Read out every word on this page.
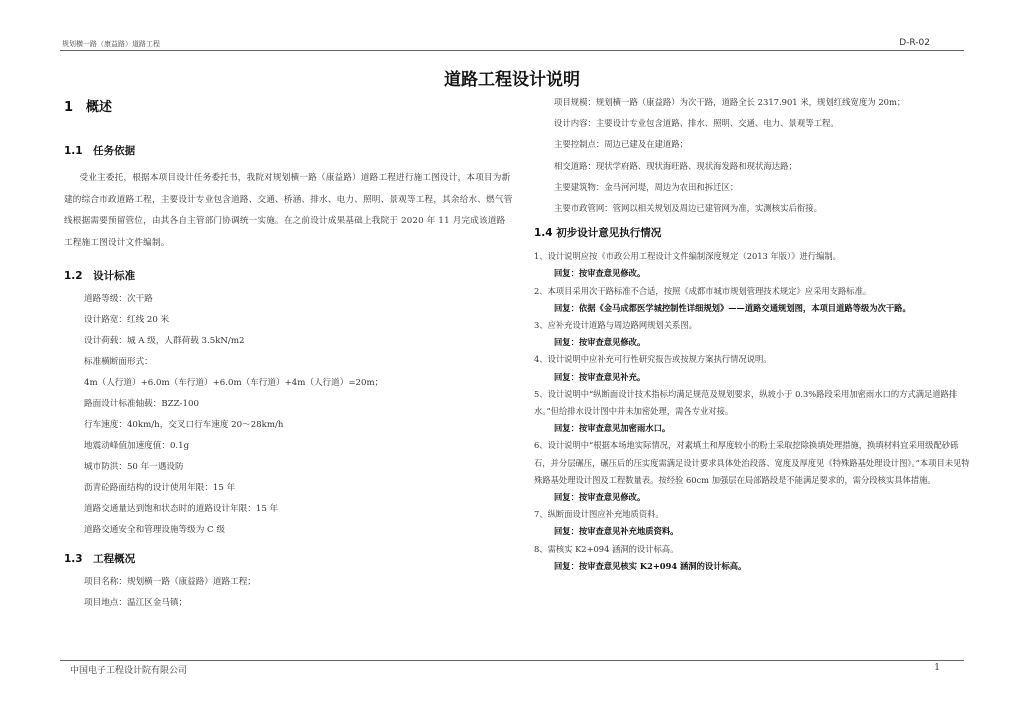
规划横一路（康益路）道路工程	D-R-02
道路工程设计说明
1　概述
1.1　任务依据
受业主委托，根据本项目设计任务委托书，我院对规划横一路（康益路）道路工程进行施工图设计，本项目为新建的综合市政道路工程，主要设计专业包含道路、交通、桥涵、排水、电力、照明、景观等工程，其余给水、燃气管线根据需要预留管位，由其各自主管部门协调统一实施。在之前设计成果基础上我院于 2020 年 11 月完成该道路工程施工图设计文件编制。
1.2　设计标准
道路等级：次干路
设计路宽：红线 20 米
设计荷载：城 A 级，人群荷载 3.5kN/m2
标准横断面形式：
4m（人行道）+6.0m（车行道）+6.0m（车行道）+4m（人行道）=20m；
路面设计标准轴载：BZZ-100
行车速度：40km/h，交叉口行车速度 20～28km/h
地震动峰值加速度值：0.1g
城市防洪：50 年一遇设防
沥青砼路面结构的设计使用年限：15 年
道路交通量达到饱和状态时的道路设计年限：15 年
道路交通安全和管理设施等级为 C 级
1.3　工程概况
项目名称：规划横一路（康益路）道路工程；
项目地点：温江区金马镇；
项目规模：规划横一路（康益路）为次干路，道路全长 2317.901 米，规划红线宽度为 20m；
设计内容：主要设计专业包含道路、排水、照明、交通、电力、景观等工程。
主要控制点：周边已建及在建道路；
相交道路：现状学府路、现状海旺路、现状海发路和现状海达路；
主要建筑物：金马河河堤，周边为农田和拆迁区；
主要市政管网：管网以相关规划及周边已建管网为准，实测核实后衔接。
1.4 初步设计意见执行情况
1、设计说明应按《市政公用工程设计文件编制深度规定（2013 年版）》进行编制。
回复：按审查意见修改。
2、本项目采用次干路标准不合适，按照《成都市城市规划管理技术规定》应采用支路标准。
回复：依据《金马成都医学城控制性详细规划》——道路交通规划图，本项目道路等级为次干路。
3、应补充设计道路与周边路网规划关系图。
回复：按审查意见修改。
4、设计说明中应补充可行性研究报告或按规方案执行情况说明。
回复：按审查意见补充。
5、设计说明中“纵断面设计技术指标均满足规范及规划要求，纵坡小于 0.3%路段采用加密雨水口的方式满足道路排水。”但给排水设计图中并未加密处理，需各专业对接。
回复：按审查意见加密雨水口。
6、设计说明中“根据本场地实际情况，对素填土和厚度较小的粉土采取挖除换填处理措施，换填材料宜采用级配砂砾石，并分层碾压，碾压后的压实度需满足设计要求具体处治段落、宽度及厚度见《特殊路基处理设计图》。”本项目未见特殊路基处理设计图及工程数量表。按经验 60cm 加强层在局部路段是不能满足要求的，需分段核实具体措施。
回复：按审查意见修改。
7、纵断面设计图应补充地质资料。
回复：按审查意见补充地质资料。
8、需核实 K2+094 涵洞的设计标高。
回复：按审查意见核实 K2+094 涵洞的设计标高。
中国电子工程设计院有限公司	1
